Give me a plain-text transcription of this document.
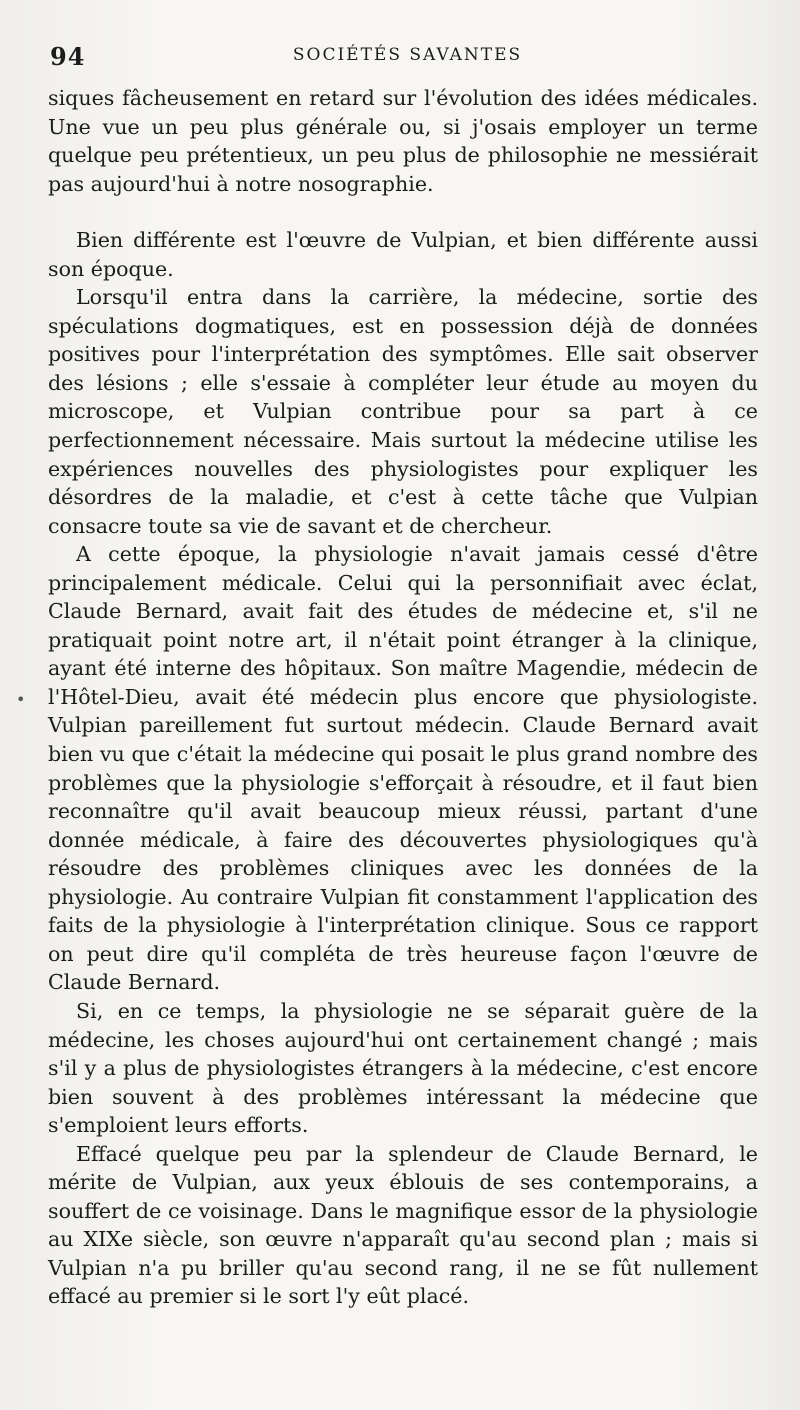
94	SOCIÉTÉS SAVANTES
•

siques fâcheusement en retard sur l'évolution des idées médicales. Une vue un peu plus générale ou, si j'osais employer un terme quelque peu prétentieux, un peu plus de philosophie ne messiérait pas aujourd'hui à notre nosographie.

Bien différente est l'œuvre de Vulpian, et bien différente aussi son époque.

Lorsqu'il entra dans la carrière, la médecine, sortie des spéculations dogmatiques, est en possession déjà de données positives pour l'interprétation des symptômes. Elle sait observer des lésions ; elle s'essaie à compléter leur étude au moyen du microscope, et Vulpian contribue pour sa part à ce perfectionnement nécessaire. Mais surtout la médecine utilise les expériences nouvelles des physiologistes pour expliquer les désordres de la maladie, et c'est à cette tâche que Vulpian consacre toute sa vie de savant et de chercheur.

A cette époque, la physiologie n'avait jamais cessé d'être principalement médicale. Celui qui la personnifiait avec éclat, Claude Bernard, avait fait des études de médecine et, s'il ne pratiquait point notre art, il n'était point étranger à la clinique, ayant été interne des hôpitaux. Son maître Magendie, médecin de l'Hôtel-Dieu, avait été médecin plus encore que physiologiste. Vulpian pareillement fut surtout médecin. Claude Bernard avait bien vu que c'était la médecine qui posait le plus grand nombre des problèmes que la physiologie s'efforçait à résoudre, et il faut bien reconnaître qu'il avait beaucoup mieux réussi, partant d'une donnée médicale, à faire des découvertes physiologiques qu'à résoudre des problèmes cliniques avec les données de la physiologie. Au contraire Vulpian fit constamment l'application des faits de la physiologie à l'interprétation clinique. Sous ce rapport on peut dire qu'il compléta de très heureuse façon l'œuvre de Claude Bernard.

Si, en ce temps, la physiologie ne se séparait guère de la médecine, les choses aujourd'hui ont certainement changé ; mais s'il y a plus de physiologistes étrangers à la médecine, c'est encore bien souvent à des problèmes intéressant la médecine que s'emploient leurs efforts.

Effacé quelque peu par la splendeur de Claude Bernard, le mérite de Vulpian, aux yeux éblouis de ses contemporains, a souffert de ce voisinage. Dans le magnifique essor de la physiologie au XIXe siècle, son œuvre n'apparaît qu'au second plan ; mais si Vulpian n'a pu briller qu'au second rang, il ne se fût nullement effacé au premier si le sort l'y eût placé.
